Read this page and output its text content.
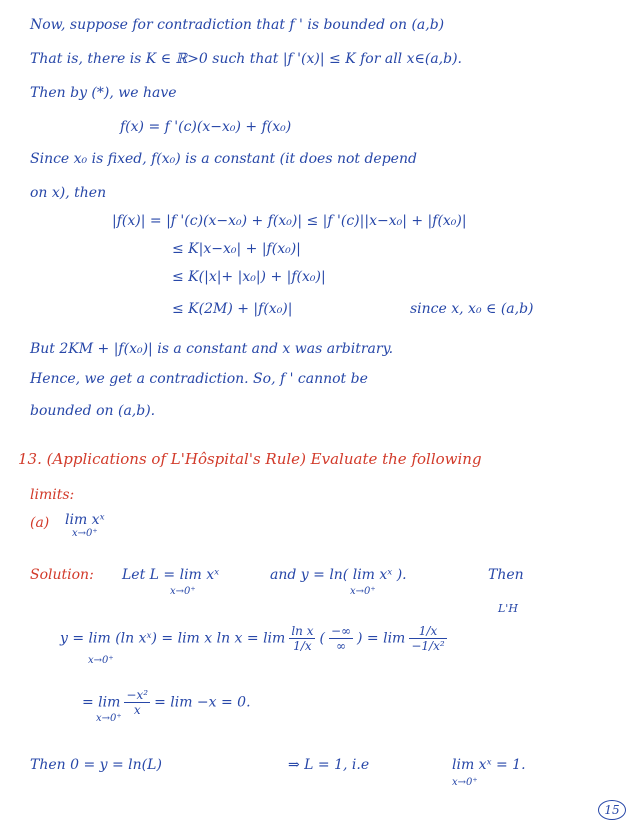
Now, suppose for contradiction that f ' is bounded on (a,b)
That is, there is K ∈ ℝ>0 such that |f '(x)| ≤ K for all x∈(a,b).
Then by (*), we have
f(x) = f '(c)(x−x₀) + f(x₀)
Since x₀ is fixed, f(x₀) is a constant (it does not depend
on x), then
|f(x)| = |f '(c)(x−x₀) + f(x₀)| ≤ |f '(c)||x−x₀| + |f(x₀)|
≤ K|x−x₀| + |f(x₀)|
≤ K(|x|+ |x₀|) + |f(x₀)|
≤ K(2M) + |f(x₀)|	since x, x₀ ∈ (a,b)
But 2KM + |f(x₀)| is a constant and x was arbitrary.
Hence, we get a contradiction. So, f ' cannot be
bounded on (a,b).
13. (Applications of L'Hôspital's Rule) Evaluate the following
limits:
(a) lim xˣ
x→0⁺
Solution: Let L = lim xˣ
x→0⁺
and y = ln( lim xˣ ).
x→0⁺
Then
L'H
y = lim (ln xˣ) = lim x $\ln x = \lim \frac{\text{ln x}}{1/x}$ ( $\frac{-\infty}{\infty}$ ) = $\lim \frac{1/x}{\text{−1/x²}}$
x→0⁺
= $\lim \frac{\text{−x²}}{x} = \lim -x = 0$.
x→0⁺
Then 0 = y = ln(L)	⇒ L = 1, i.e	lim xˣ = 1.
x→0⁺
15
